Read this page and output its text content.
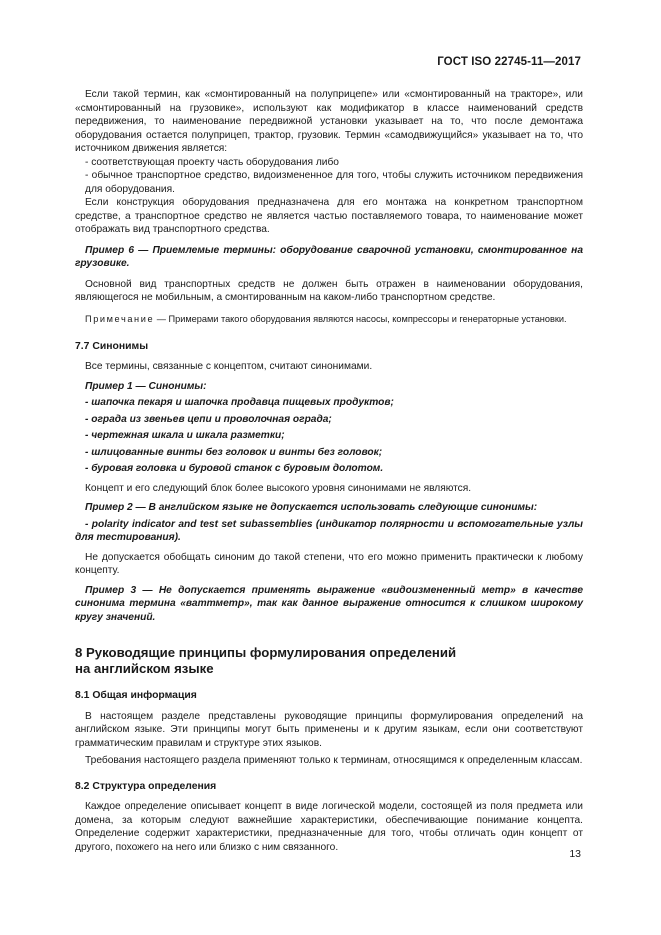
ГОСТ ISO 22745-11—2017

Если такой термин, как «смонтированный на полуприцепе» или «смонтированный на тракторе», или «смонтированный на грузовике», используют как модификатор в классе наименований средств передвижения, то наименование передвижной установки указывает на то, что после демонтажа оборудования остается полуприцеп, трактор, грузовик. Термин «самодвижущийся» указывает на то, что источником движения является:

- соответствующая проекту часть оборудования либо

- обычное транспортное средство, видоизмененное для того, чтобы служить источником передвижения для оборудования.

Если конструкция оборудования предназначена для его монтажа на конкретном транспортном средстве, а транспортное средство не является частью поставляемого товара, то наименование может отображать вид транспортного средства.

Пример 6 — Приемлемые термины: оборудование сварочной установки, смонтированное на грузовике.

Основной вид транспортных средств не должен быть отражен в наименовании оборудования, являющегося не мобильным, а смонтированным на каком-либо транспортном средстве.

Примечание — Примерами такого оборудования являются насосы, компрессоры и генераторные установки.

7.7 Синонимы

Все термины, связанные с концептом, считают синонимами.

Пример 1 — Синонимы:

- шапочка пекаря и шапочка продавца пищевых продуктов;

- ограда из звеньев цепи и проволочная ограда;

- чертежная шкала и шкала разметки;

- шлицованные винты без головок и винты без головок;

- буровая головка и буровой станок с буровым долотом.

Концепт и его следующий блок более высокого уровня синонимами не являются.

Пример 2 — В английском языке не допускается использовать следующие синонимы:

- polarity indicator and test set subassemblies (индикатор полярности и вспомогательные узлы для тестирования).

Не допускается обобщать синоним до такой степени, что его можно применить практически к любому концепту.

Пример 3 — Не допускается применять выражение «видоизмененный метр» в качестве синонима термина «ваттметр», так как данное выражение относится к слишком широкому кругу значений.

8 Руководящие принципы формулирования определений
на английском языке
8.1 Общая информация

В настоящем разделе представлены руководящие принципы формулирования определений на английском языке. Эти принципы могут быть применены и к другим языкам, если они соответствуют грамматическим правилам и структуре этих языков.

Требования настоящего раздела применяют только к терминам, относящимся к определенным классам.

8.2 Структура определения

Каждое определение описывает концепт в виде логической модели, состоящей из поля предмета или домена, за которым следуют важнейшие характеристики, обеспечивающие понимание концепта. Определение содержит характеристики, предназначенные для того, чтобы отличать один концепт от другого, похожего на него или близко с ним связанного.

13
